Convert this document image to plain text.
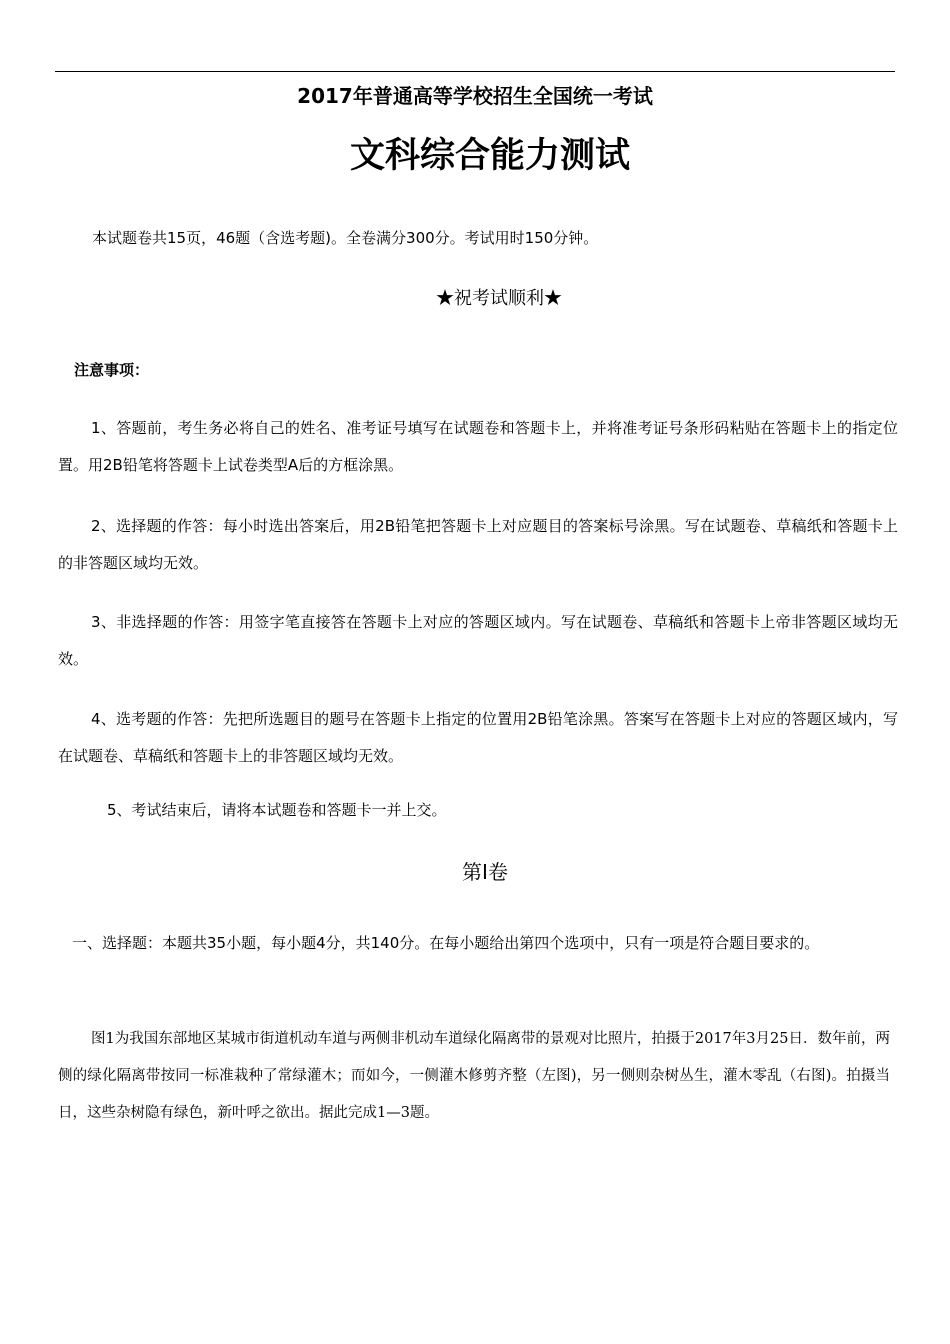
2017年普通高等学校招生全国统一考试
文科综合能力测试
本试题卷共15页，46题（含选考题)。全卷满分300分。考试用时150分钟。
★祝考试顺利★
注意事项：
1、答题前，考生务必将自己的姓名、准考证号填写在试题卷和答题卡上，并将准考证号条形码粘贴在答题卡上的指定位置。用2B铅笔将答题卡上试卷类型A后的方框涂黑。
2、选择题的作答：每小时选出答案后，用2B铅笔把答题卡上对应题目的答案标号涂黑。写在试题卷、草稿纸和答题卡上的非答题区域均无效。
3、非选择题的作答：用签字笔直接答在答题卡上对应的答题区域内。写在试题卷、草稿纸和答题卡上帝非答题区域均无效。
4、选考题的作答：先把所选题目的题号在答题卡上指定的位置用2B铅笔涂黑。答案写在答题卡上对应的答题区域内，写在试题卷、草稿纸和答题卡上的非答题区域均无效。
5、考试结束后，请将本试题卷和答题卡一并上交。
第Ⅰ卷
一、选择题：本题共35小题，每小题4分，共140分。在每小题给出第四个选项中，只有一项是符合题目要求的。
图1为我国东部地区某城市街道机动车道与两侧非机动车道绿化隔离带的景观对比照片，拍摄于2017年3月25日．数年前，两侧的绿化隔离带按同一标准栽种了常绿灌木；而如今，一侧灌木修剪齐整（左图)，另一侧则杂树丛生，灌木零乱（右图)。拍摄当日，这些杂树隐有绿色，新叶呼之欲出。据此完成1—3题。
